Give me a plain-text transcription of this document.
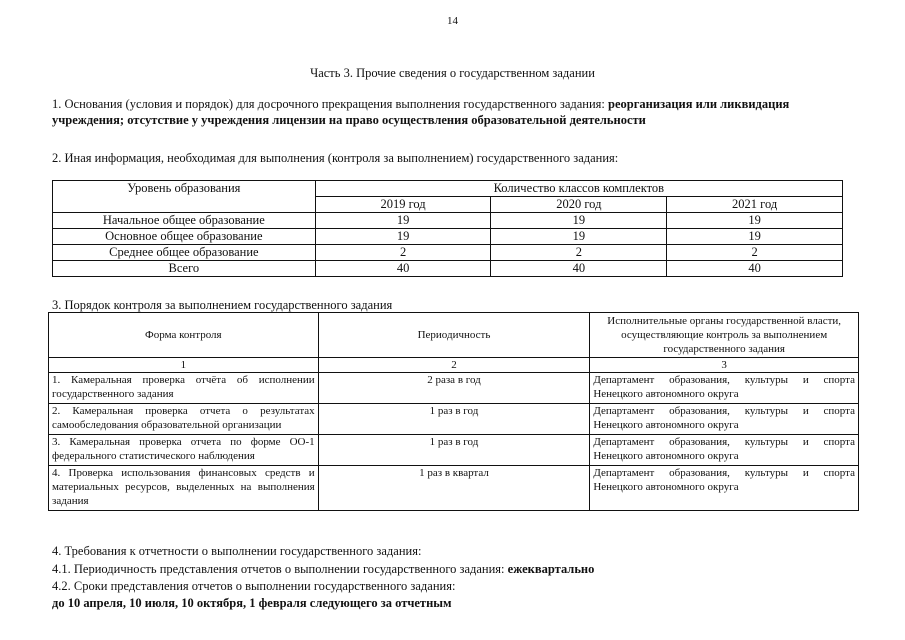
14
Часть 3. Прочие сведения о государственном задании
1. Основания (условия и порядок) для досрочного прекращения выполнения государственного задания: реорганизация или ликвидация учреждения; отсутствие у учреждения лицензии на право осуществления образовательной деятельности
2. Иная информация, необходимая для выполнения (контроля за выполнением) государственного задания:
Уровень образования	Количество классов комплектов		
	2019 год	2020 год	2021 год
Начальное общее образование	19	19	19
Основное общее образование	19	19	19
Среднее общее образование	2	2	2
Всего	40	40	40
3. Порядок контроля за выполнением государственного задания
Форма контроля	Периодичность	Исполнительные органы государственной власти, осуществляющие контроль за выполнением государственного задания
1	2	3
1. Камеральная проверка отчёта об исполнении государственного задания	2 раза в год	Департамент образования, культуры и спорта Ненецкого автономного округа
2. Камеральная проверка отчета о результатах самообследования образовательной организации	1 раз в год	Департамент образования, культуры и спорта Ненецкого автономного округа
3. Камеральная проверка отчета по форме ОО-1 федерального статистического наблюдения	1 раз в год	Департамент образования, культуры и спорта Ненецкого автономного округа
4. Проверка использования финансовых средств и материальных ресурсов, выделенных на выполнения задания	1 раз в квартал	Департамент образования, культуры и спорта Ненецкого автономного округа
4. Требования к отчетности о выполнении государственного задания:
4.1. Периодичность представления отчетов о выполнении государственного задания: ежеквартально
4.2. Сроки представления отчетов о выполнении государственного задания:
до 10 апреля, 10 июля, 10 октября, 1 февраля следующего за отчетным
